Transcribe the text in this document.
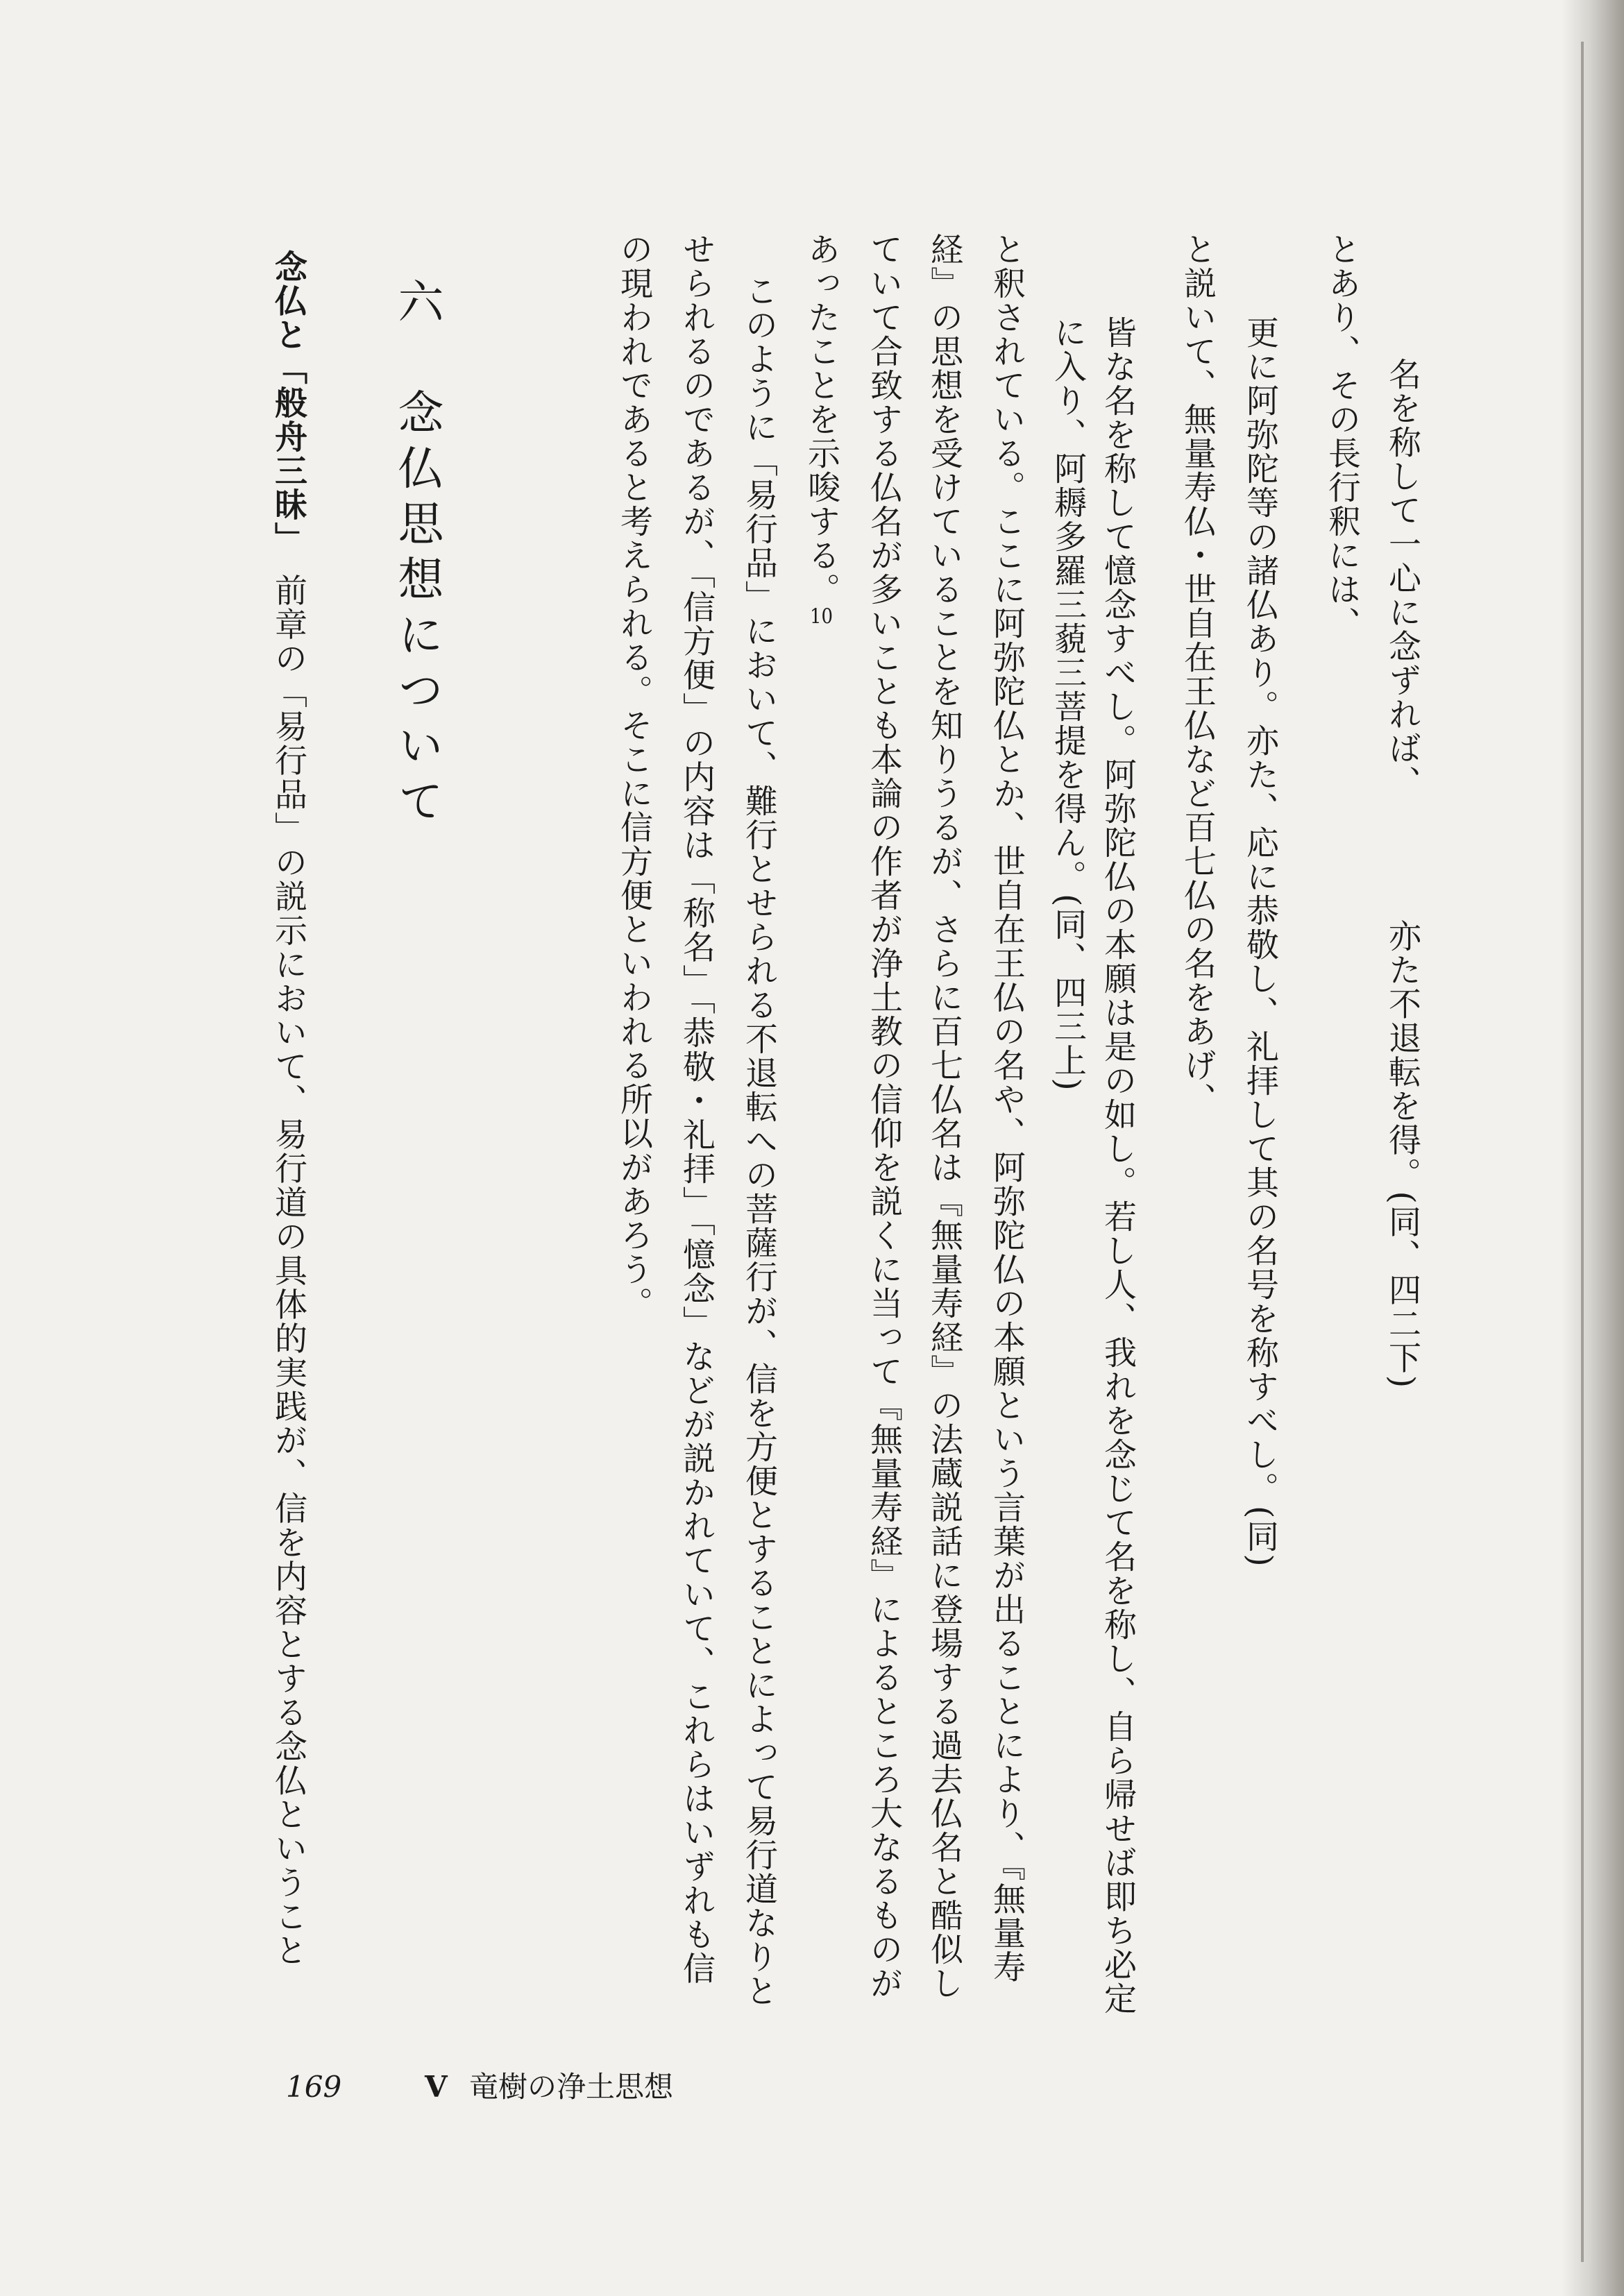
名を称して一心に念ずれば、　　　　亦た不退転を得。(同、四二下)
とあり、その長行釈には、
更に阿弥陀等の諸仏あり。亦た、応に恭敬し、礼拝して其の名号を称すべし。(同)
と説いて、無量寿仏・世自在王仏など百七仏の名をあげ、
皆な名を称して憶念すべし。阿弥陀仏の本願は是の如し。若し人、我れを念じて名を称し、自ら帰せば即ち必定
に入り、阿耨多羅三藐三菩提を得ん。(同、四三上)
と釈されている。ここに阿弥陀仏とか、世自在王仏の名や、阿弥陀仏の本願という言葉が出ることにより、『無量寿
経』の思想を受けていることを知りうるが、さらに百七仏名は『無量寿経』の法蔵説話に登場する過去仏名と酷似し
ていて合致する仏名が多いことも本論の作者が浄土教の信仰を説くに当って『無量寿経』によるところ大なるものが
あったことを示唆する。10
このように「易行品」において、難行とせられる不退転への菩薩行が、信を方便とすることによって易行道なりと
せられるのであるが、「信方便」の内容は「称名」「恭敬・礼拝」「憶念」などが説かれていて、これらはいずれも信
の現われであると考えられる。そこに信方便といわれる所以があろう。
六　念仏思想について
念仏と「般舟三昧」　前章の「易行品」の説示において、易行道の具体的実践が、信を内容とする念仏ということ
169	V 竜樹の浄土思想
